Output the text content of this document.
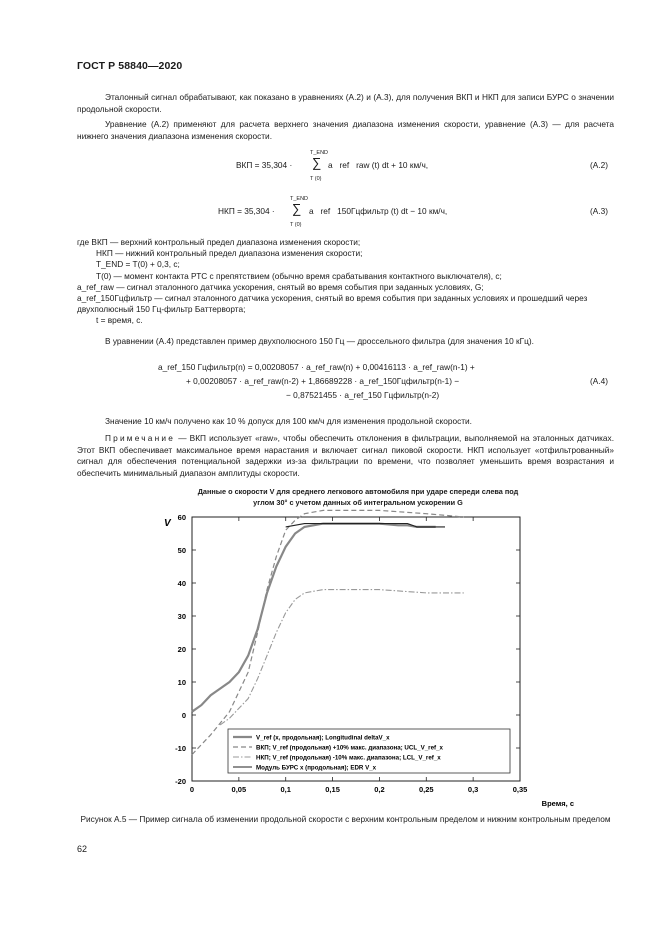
ГОСТ Р 58840—2020
Эталонный сигнал обрабатывают, как показано в уравнениях (А.2) и (А.3), для получения ВКП и НКП для записи БУРС о значении продольной скорости.
Уравнение (А.2) применяют для расчета верхнего значения диапазона изменения скорости, уравнение (А.3) — для расчета нижнего значения диапазона изменения скорости.
ВКП = 35,304 ·
T_END
∑
T (0)
a   ref   raw (t) dt + 10 км/ч,	(А.2)
НКП = 35,304 ·
T_END
∑
T (0)
a   ref   150Гцфильтр (t) dt − 10 км/ч,	(А.3)
где ВКП — верхний контрольный предел диапазона изменения скорости;
НКП — нижний контрольный предел диапазона изменения скорости;
T_END = T(0) + 0,3, с;
T(0) — момент контакта РТС с препятствием (обычно время срабатывания контактного выключателя), с;
a_ref_raw — сигнал эталонного датчика ускорения, снятый во время события при заданных условиях, G;
a_ref_150Гцфильтр — сигнал эталонного датчика ускорения, снятый во время события при заданных условиях и прошедший через двухполюсный 150 Гц-фильтр Баттерворта;
t = время, с.
В уравнении (А.4) представлен пример двухполюсного 150 Гц — дроссельного фильтра (для значения 10 кГц).
a_ref_150 Гцфильтр(n) = 0,00208057 · a_ref_raw(n) + 0,00416113 · a_ref_raw(n-1) +
+ 0,00208057 · a_ref_raw(n-2) + 1,86689228 · a_ref_150Гцфильтр(n-1) −
− 0,87521455 · a_ref_150 Гцфильтр(n-2)
(А.4)
Значение 10 км/ч получено как 10 % допуск для 100 км/ч для изменения продольной скорости.
Примечание — ВКП использует «raw», чтобы обеспечить отклонения в фильтрации, выполняемой на эталонных датчиках. Этот ВКП обеспечивает максимальное время нарастания и включает сигнал пиковой скорости. НКП использует «отфильтрованный» сигнал для обеспечения потенциальной задержки из-за фильтрации по времени, что позволяет уменьшить время возрастания и обеспечить минимальный диапазон амплитуды скорости.
Данные о скорости V для среднего легкового автомобиля при ударе спереди слева под углом 30° с учетом данных об интегральном ускорении G
60
50
40
30
20
10
0
-10
-20
0	0,05	0,1	0,15	0,2	0,25	0,3	0,35
V
Время, с
V_ref (x, продольная); Longitudinal deltaV_x
ВКП; V_ref (продольная) +10% макс. диапазона; UCL_V_ref_x
НКП; V_ref (продольная) -10% макс. диапазона; LCL_V_ref_x
Модуль БУРС x (продольная); EDR V_x
Рисунок А.5 — Пример сигнала об изменении продольной скорости с верхним контрольным пределом и нижним контрольным пределом
62
